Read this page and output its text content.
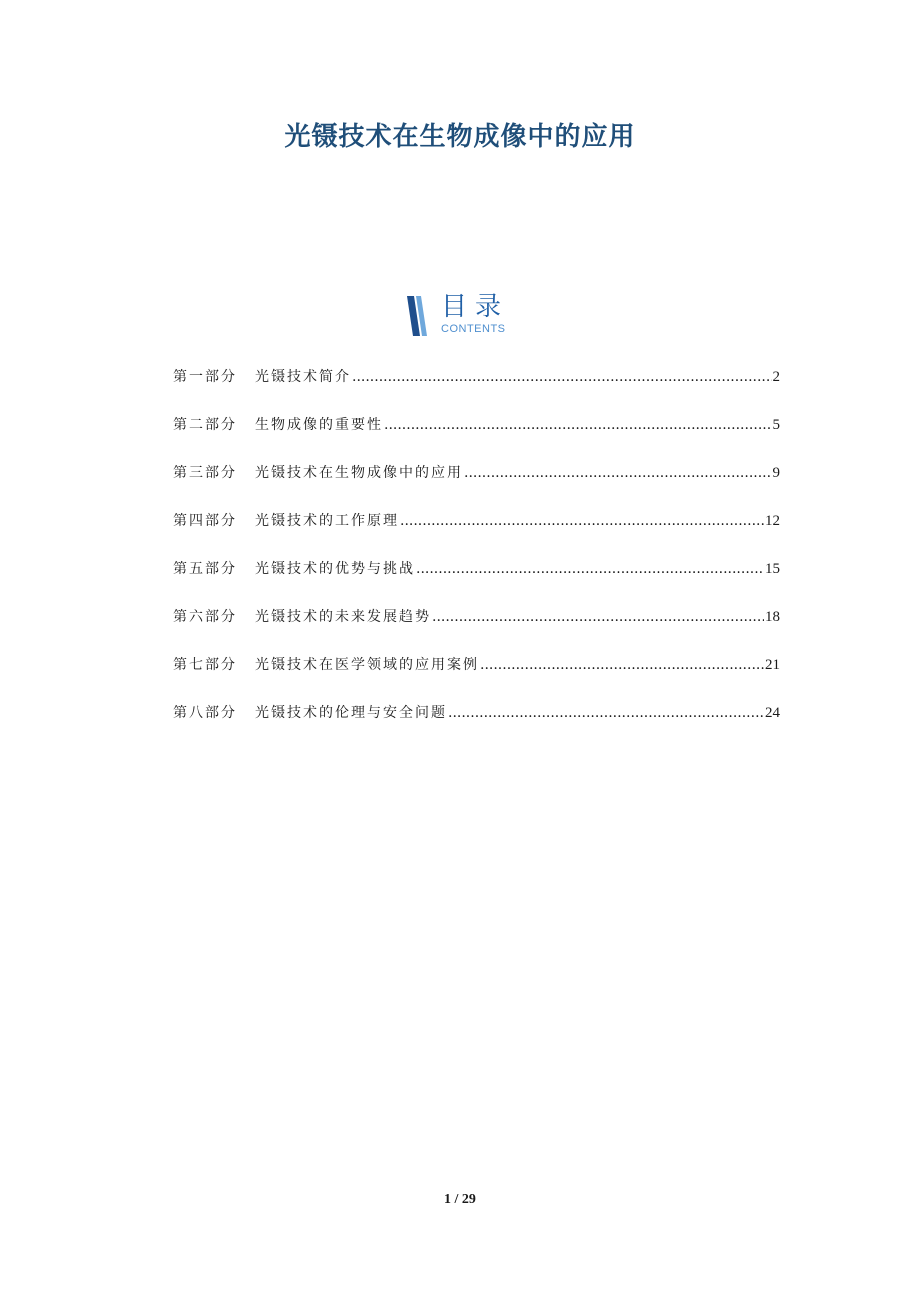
光镊技术在生物成像中的应用
目录
CONTENTS
第一部分	光镊技术简介 .....	2
第二部分	生物成像的重要性 .....	5
第三部分	光镊技术在生物成像中的应用 .....	9
第四部分	光镊技术的工作原理 .....	12
第五部分	光镊技术的优势与挑战 .....	15
第六部分	光镊技术的未来发展趋势 .....	18
第七部分	光镊技术在医学领域的应用案例 .....	21
第八部分	光镊技术的伦理与安全问题 .....	24
1 / 29
